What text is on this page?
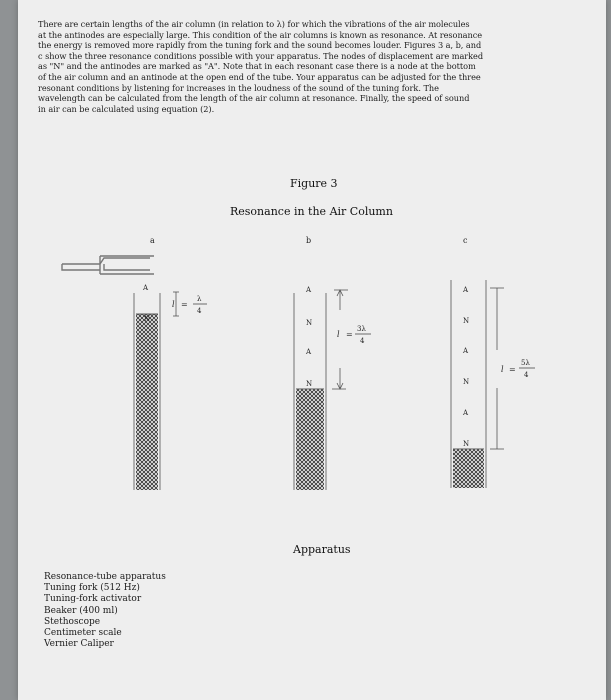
There are certain lengths of the air column (in relation to λ) for which the vibrations of the air molecules
at the antinodes are especially large. This condition of the air columns is known as resonance. At resonance
the energy is removed more rapidly from the tuning fork and the sound becomes louder. Figures 3 a, b, and
c show the three resonance conditions possible with your apparatus. The nodes of displacement are marked
as "N" and the antinodes are marked as "A". Note that in each resonant case there is a node at the bottom
of the air column and an antinode at the open end of the tube. Your apparatus can be adjusted for the three
resonant conditions by listening for increases in the loudness of the sound of the tuning fork. The
wavelength can be calculated from the length of the air column at resonance. Finally, the speed of sound
in air can be calculated using equation (2).
Figure 3
Resonance in the Air Column
a
A
N
l =
λ
4
b
A
N
A
N
l =
3λ
4
c
A
N
A
N
A
N
l =
5λ
4
Apparatus
Resonance-tube apparatus
Tuning fork (512 Hz)
Tuning-fork activator
Beaker (400 ml)
Stethoscope
Centimeter scale
Vernier Caliper
